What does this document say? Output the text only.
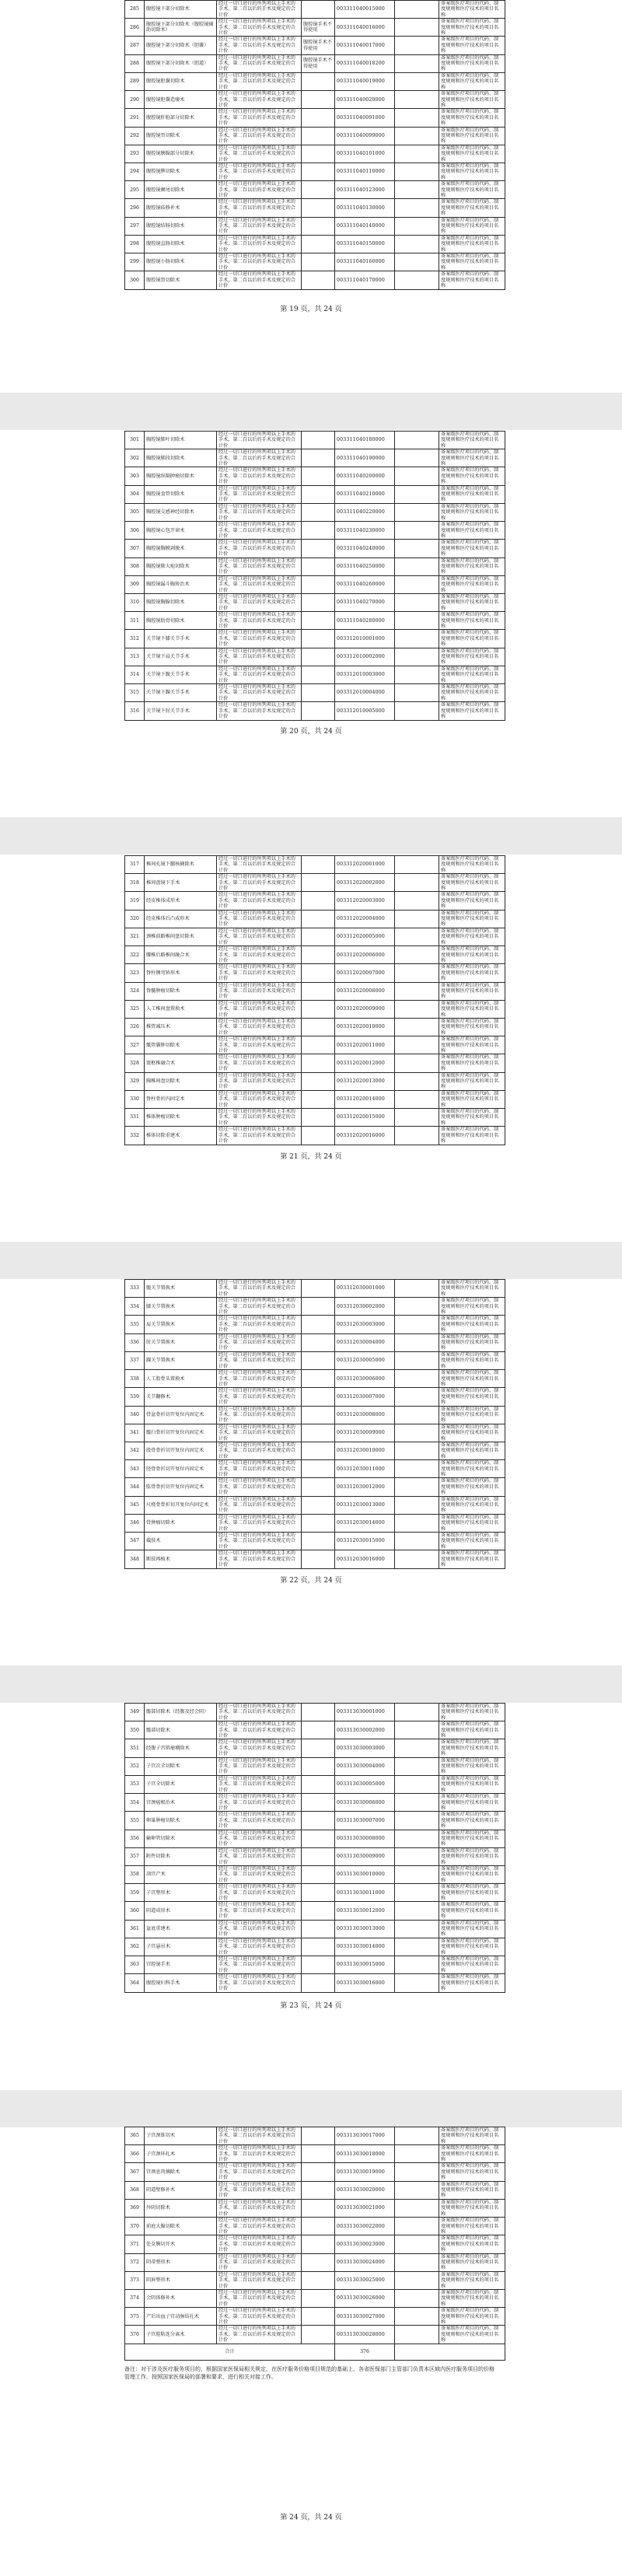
285	腹腔镜下部分切除术	经过一切口进行的所列项以上手术的手术，第二百以后的手术及规定的合计价		003311040015000		备案级医疗项目的代码、制度规则和医疗技术的项目名称
286	腹腔镜下部分切除术（腹腔镜辅助切除术）	经过一切口进行的所列项以上手术的手术，第二百以后的手术及规定的合计价	腹腔镜手术不得使用	003311040016000		备案级医疗项目的代码、制度规则和医疗技术的项目名称
287	腹腔镜下部分切除术（胆囊）	经过一切口进行的所列项以上手术的手术，第二百以后的手术及规定的合计价	腹腔镜手术不得使用	003311040017000		备案级医疗项目的代码、制度规则和医疗技术的项目名称
288	腹腔镜下部分切除术（胆道）	经过一切口进行的所列项以上手术的手术，第二百以后的手术及规定的合计价	腹腔镜手术不得使用	003311040018200		备案级医疗项目的代码、制度规则和医疗技术的项目名称
289	腹腔镜胆囊切除术	经过一切口进行的所列项以上手术的手术，第二百以后的手术及规定的合计价		003311040019000		备案级医疗项目的代码、制度规则和医疗技术的项目名称
290	腹腔镜胆囊造瘘术	经过一切口进行的所列项以上手术的手术，第二百以后的手术及规定的合计价		003311040020000		备案级医疗项目的代码、制度规则和医疗技术的项目名称
291	腹腔镜肝脏部分切除术	经过一切口进行的所列项以上手术的手术，第二百以后的手术及规定的合计价		003311040091000		备案级医疗项目的代码、制度规则和医疗技术的项目名称
292	腹腔镜胃切除术	经过一切口进行的所列项以上手术的手术，第二百以后的手术及规定的合计价		003311040099000		备案级医疗项目的代码、制度规则和医疗技术的项目名称
293	腹腔镜胰腺部分切除术	经过一切口进行的所列项以上手术的手术，第二百以后的手术及规定的合计价		003311040101000		备案级医疗项目的代码、制度规则和医疗技术的项目名称
294	腹腔镜脾切除术	经过一切口进行的所列项以上手术的手术，第二百以后的手术及规定的合计价		003311040110000		备案级医疗项目的代码、制度规则和医疗技术的项目名称
295	腹腔镜阑尾切除术	经过一切口进行的所列项以上手术的手术，第二百以后的手术及规定的合计价		003311040123000		备案级医疗项目的代码、制度规则和医疗技术的项目名称
296	腹腔镜疝修补术	经过一切口进行的所列项以上手术的手术，第二百以后的手术及规定的合计价		003311040130000		备案级医疗项目的代码、制度规则和医疗技术的项目名称
297	腹腔镜结肠切除术	经过一切口进行的所列项以上手术的手术，第二百以后的手术及规定的合计价		003311040140000		备案级医疗项目的代码、制度规则和医疗技术的项目名称
298	腹腔镜直肠切除术	经过一切口进行的所列项以上手术的手术，第二百以后的手术及规定的合计价		003311040150000		备案级医疗项目的代码、制度规则和医疗技术的项目名称
299	腹腔镜小肠切除术	经过一切口进行的所列项以上手术的手术，第二百以后的手术及规定的合计价		003311040160000		备案级医疗项目的代码、制度规则和医疗技术的项目名称
300	腹腔镜肾切除术	经过一切口进行的所列项以上手术的手术，第二百以后的手术及规定的合计价		003311040170000		备案级医疗项目的代码、制度规则和医疗技术的项目名称
第 19 页，共 24 页
301	胸腔镜肺叶切除术	经过一切口进行的所列项以上手术的手术，第二百以后的手术及规定的合计价		003311040180000		备案级医疗项目的代码、制度规则和医疗技术的项目名称
302	胸腔镜肺段切除术	经过一切口进行的所列项以上手术的手术，第二百以后的手术及规定的合计价		003311040190000		备案级医疗项目的代码、制度规则和医疗技术的项目名称
303	胸腔镜纵隔肿瘤切除术	经过一切口进行的所列项以上手术的手术，第二百以后的手术及规定的合计价		003311040200000		备案级医疗项目的代码、制度规则和医疗技术的项目名称
304	胸腔镜食管切除术	经过一切口进行的所列项以上手术的手术，第二百以后的手术及规定的合计价		003311040210000		备案级医疗项目的代码、制度规则和医疗技术的项目名称
305	胸腔镜交感神经切除术	经过一切口进行的所列项以上手术的手术，第二百以后的手术及规定的合计价		003311040220000		备案级医疗项目的代码、制度规则和医疗技术的项目名称
306	胸腔镜心包开窗术	经过一切口进行的所列项以上手术的手术，第二百以后的手术及规定的合计价		003311040230000		备案级医疗项目的代码、制度规则和医疗技术的项目名称
307	胸腔镜胸膜剥脱术	经过一切口进行的所列项以上手术的手术，第二百以后的手术及规定的合计价		003311040240000		备案级医疗项目的代码、制度规则和医疗技术的项目名称
308	胸腔镜肺大疱切除术	经过一切口进行的所列项以上手术的手术，第二百以后的手术及规定的合计价		003311040250000		备案级医疗项目的代码、制度规则和医疗技术的项目名称
309	胸腔镜漏斗胸矫治术	经过一切口进行的所列项以上手术的手术，第二百以后的手术及规定的合计价		003311040260000		备案级医疗项目的代码、制度规则和医疗技术的项目名称
310	胸腔镜胸腺切除术	经过一切口进行的所列项以上手术的手术，第二百以后的手术及规定的合计价		003311040270000		备案级医疗项目的代码、制度规则和医疗技术的项目名称
311	胸腔镜肋骨切除术	经过一切口进行的所列项以上手术的手术，第二百以后的手术及规定的合计价		003311040280000		备案级医疗项目的代码、制度规则和医疗技术的项目名称
312	关节镜下膝关节手术	经过一切口进行的所列项以上手术的手术，第二百以后的手术及规定的合计价		003312010001000		备案级医疗项目的代码、制度规则和医疗技术的项目名称
313	关节镜下肩关节手术	经过一切口进行的所列项以上手术的手术，第二百以后的手术及规定的合计价		003312010002000		备案级医疗项目的代码、制度规则和医疗技术的项目名称
314	关节镜下髋关节手术	经过一切口进行的所列项以上手术的手术，第二百以后的手术及规定的合计价		003312010003000		备案级医疗项目的代码、制度规则和医疗技术的项目名称
315	关节镜下踝关节手术	经过一切口进行的所列项以上手术的手术，第二百以后的手术及规定的合计价		003312010004000		备案级医疗项目的代码、制度规则和医疗技术的项目名称
316	关节镜下肘关节手术	经过一切口进行的所列项以上手术的手术，第二百以后的手术及规定的合计价		003312010005000		备案级医疗项目的代码、制度规则和医疗技术的项目名称
第 20 页，共 24 页
317	椎间孔镜下髓核摘除术	经过一切口进行的所列项以上手术的手术，第二百以后的手术及规定的合计价		003312020001000		备案级医疗项目的代码、制度规则和医疗技术的项目名称
318	椎间盘镜下手术	经过一切口进行的所列项以上手术的手术，第二百以后的手术及规定的合计价		003312020002000		备案级医疗项目的代码、制度规则和医疗技术的项目名称
319	经皮椎体成形术	经过一切口进行的所列项以上手术的手术，第二百以后的手术及规定的合计价		003312020003000		备案级医疗项目的代码、制度规则和医疗技术的项目名称
320	经皮椎体后凸成形术	经过一切口进行的所列项以上手术的手术，第二百以后的手术及规定的合计价		003312020004000		备案级医疗项目的代码、制度规则和医疗技术的项目名称
321	颈椎前路椎间盘切除术	经过一切口进行的所列项以上手术的手术，第二百以后的手术及规定的合计价		003312020005000		备案级医疗项目的代码、制度规则和医疗技术的项目名称
322	腰椎后路椎间融合术	经过一切口进行的所列项以上手术的手术，第二百以后的手术及规定的合计价		003312020006000		备案级医疗项目的代码、制度规则和医疗技术的项目名称
323	脊柱侧弯矫形术	经过一切口进行的所列项以上手术的手术，第二百以后的手术及规定的合计价		003312020007000		备案级医疗项目的代码、制度规则和医疗技术的项目名称
324	脊髓肿瘤切除术	经过一切口进行的所列项以上手术的手术，第二百以后的手术及规定的合计价		003312020008000		备案级医疗项目的代码、制度规则和医疗技术的项目名称
325	人工椎间盘置换术	经过一切口进行的所列项以上手术的手术，第二百以后的手术及规定的合计价		003312020009000		备案级医疗项目的代码、制度规则和医疗技术的项目名称
326	椎管减压术	经过一切口进行的所列项以上手术的手术，第二百以后的手术及规定的合计价		003312020010000		备案级医疗项目的代码、制度规则和医疗技术的项目名称
327	骶管囊肿切除术	经过一切口进行的所列项以上手术的手术，第二百以后的手术及规定的合计价		003312020011000		备案级医疗项目的代码、制度规则和医疗技术的项目名称
328	寰枢椎融合术	经过一切口进行的所列项以上手术的手术，第二百以后的手术及规定的合计价		003312020012000		备案级医疗项目的代码、制度规则和医疗技术的项目名称
329	胸椎间盘切除术	经过一切口进行的所列项以上手术的手术，第二百以后的手术及规定的合计价		003312020013000		备案级医疗项目的代码、制度规则和医疗技术的项目名称
330	脊柱骨折内固定术	经过一切口进行的所列项以上手术的手术，第二百以后的手术及规定的合计价		003312020014000		备案级医疗项目的代码、制度规则和医疗技术的项目名称
331	椎体肿瘤切除术	经过一切口进行的所列项以上手术的手术，第二百以后的手术及规定的合计价		003312020015000		备案级医疗项目的代码、制度规则和医疗技术的项目名称
332	椎体切除重建术	经过一切口进行的所列项以上手术的手术，第二百以后的手术及规定的合计价		003312020016000		备案级医疗项目的代码、制度规则和医疗技术的项目名称
第 21 页，共 24 页
333	髋关节置换术	经过一切口进行的所列项以上手术的手术，第二百以后的手术及规定的合计价		003312030001000		备案级医疗项目的代码、制度规则和医疗技术的项目名称
334	膝关节置换术	经过一切口进行的所列项以上手术的手术，第二百以后的手术及规定的合计价		003312030002000		备案级医疗项目的代码、制度规则和医疗技术的项目名称
335	肩关节置换术	经过一切口进行的所列项以上手术的手术，第二百以后的手术及规定的合计价		003312030003000		备案级医疗项目的代码、制度规则和医疗技术的项目名称
336	肘关节置换术	经过一切口进行的所列项以上手术的手术，第二百以后的手术及规定的合计价		003312030004000		备案级医疗项目的代码、制度规则和医疗技术的项目名称
337	踝关节置换术	经过一切口进行的所列项以上手术的手术，第二百以后的手术及规定的合计价		003312030005000		备案级医疗项目的代码、制度规则和医疗技术的项目名称
338	人工股骨头置换术	经过一切口进行的所列项以上手术的手术，第二百以后的手术及规定的合计价		003312030006000		备案级医疗项目的代码、制度规则和医疗技术的项目名称
339	关节翻修术	经过一切口进行的所列项以上手术的手术，第二百以后的手术及规定的合计价		003312030007000		备案级医疗项目的代码、制度规则和医疗技术的项目名称
340	骨盆骨折切开复位内固定术	经过一切口进行的所列项以上手术的手术，第二百以后的手术及规定的合计价		003312030008000		备案级医疗项目的代码、制度规则和医疗技术的项目名称
341	髋臼骨折切开复位内固定术	经过一切口进行的所列项以上手术的手术，第二百以后的手术及规定的合计价		003312030009000		备案级医疗项目的代码、制度规则和医疗技术的项目名称
342	股骨骨折切开复位内固定术	经过一切口进行的所列项以上手术的手术，第二百以后的手术及规定的合计价		003312030010000		备案级医疗项目的代码、制度规则和医疗技术的项目名称
343	胫骨骨折切开复位内固定术	经过一切口进行的所列项以上手术的手术，第二百以后的手术及规定的合计价		003312030011000		备案级医疗项目的代码、制度规则和医疗技术的项目名称
344	肱骨骨折切开复位内固定术	经过一切口进行的所列项以上手术的手术，第二百以后的手术及规定的合计价		003312030012000		备案级医疗项目的代码、制度规则和医疗技术的项目名称
345	尺桡骨骨折切开复位内固定术	经过一切口进行的所列项以上手术的手术，第二百以后的手术及规定的合计价		003312030013000		备案级医疗项目的代码、制度规则和医疗技术的项目名称
346	骨肿瘤切除术	经过一切口进行的所列项以上手术的手术，第二百以后的手术及规定的合计价		003312030014000		备案级医疗项目的代码、制度规则和医疗技术的项目名称
347	截肢术	经过一切口进行的所列项以上手术的手术，第二百以后的手术及规定的合计价		003312030015000		备案级医疗项目的代码、制度规则和医疗技术的项目名称
348	断肢再植术	经过一切口进行的所列项以上手术的手术，第二百以后的手术及规定的合计价		003312030016000		备案级医疗项目的代码、制度规则和医疗技术的项目名称
第 22 页，共 24 页
349	髋部切除术（经腹及经会阴）	经过一切口进行的所列项以上手术的手术，第二百以后的手术及规定的合计价		003313030001000		备案级医疗项目的代码、制度规则和医疗技术的项目名称
350	髋部切除术	经过一切口进行的所列项以上手术的手术，第二百以后的手术及规定的合计价		003313030002000		备案级医疗项目的代码、制度规则和医疗技术的项目名称
351	经腹子宫肌瘤剔除术	经过一切口进行的所列项以上手术的手术，第二百以后的手术及规定的合计价		003313030003000		备案级医疗项目的代码、制度规则和医疗技术的项目名称
352	子宫次全切除术	经过一切口进行的所列项以上手术的手术，第二百以后的手术及规定的合计价		003313030004000		备案级医疗项目的代码、制度规则和医疗技术的项目名称
353	子宫全切除术	经过一切口进行的所列项以上手术的手术，第二百以后的手术及规定的合计价		003313030005000		备案级医疗项目的代码、制度规则和医疗技术的项目名称
354	宫颈癌根治术	经过一切口进行的所列项以上手术的手术，第二百以后的手术及规定的合计价		003313030006000		备案级医疗项目的代码、制度规则和医疗技术的项目名称
355	卵巢肿瘤切除术	经过一切口进行的所列项以上手术的手术，第二百以后的手术及规定的合计价		003313030007000		备案级医疗项目的代码、制度规则和医疗技术的项目名称
356	输卵管切除术	经过一切口进行的所列项以上手术的手术，第二百以后的手术及规定的合计价		003313030008000		备案级医疗项目的代码、制度规则和医疗技术的项目名称
357	附件切除术	经过一切口进行的所列项以上手术的手术，第二百以后的手术及规定的合计价		003313030009000		备案级医疗项目的代码、制度规则和医疗技术的项目名称
358	剖宫产术	经过一切口进行的所列项以上手术的手术，第二百以后的手术及规定的合计价		003313030010000		备案级医疗项目的代码、制度规则和医疗技术的项目名称
359	子宫整形术	经过一切口进行的所列项以上手术的手术，第二百以后的手术及规定的合计价		003313030011000		备案级医疗项目的代码、制度规则和医疗技术的项目名称
360	阴道成形术	经过一切口进行的所列项以上手术的手术，第二百以后的手术及规定的合计价		003313030012000		备案级医疗项目的代码、制度规则和医疗技术的项目名称
361	盆底重建术	经过一切口进行的所列项以上手术的手术，第二百以后的手术及规定的合计价		003313030013000		备案级医疗项目的代码、制度规则和医疗技术的项目名称
362	子宫悬吊术	经过一切口进行的所列项以上手术的手术，第二百以后的手术及规定的合计价		003313030014000		备案级医疗项目的代码、制度规则和医疗技术的项目名称
363	宫腔镜手术	经过一切口进行的所列项以上手术的手术，第二百以后的手术及规定的合计价		003313030015000		备案级医疗项目的代码、制度规则和医疗技术的项目名称
364	腹腔镜妇科手术	经过一切口进行的所列项以上手术的手术，第二百以后的手术及规定的合计价		003313030016000		备案级医疗项目的代码、制度规则和医疗技术的项目名称
第 23 页，共 24 页
365	子宫颈锥切术	经过一切口进行的所列项以上手术的手术，第二百以后的手术及规定的合计价		003313030017000		备案级医疗项目的代码、制度规则和医疗技术的项目名称
366	子宫颈环扎术	经过一切口进行的所列项以上手术的手术，第二百以后的手术及规定的合计价		003313030018000		备案级医疗项目的代码、制度规则和医疗技术的项目名称
367	宫颈息肉摘除术	经过一切口进行的所列项以上手术的手术，第二百以后的手术及规定的合计价		003313030019000		备案级医疗项目的代码、制度规则和医疗技术的项目名称
368	阴道壁修补术	经过一切口进行的所列项以上手术的手术，第二百以后的手术及规定的合计价		003313030020000		备案级医疗项目的代码、制度规则和医疗技术的项目名称
369	外阴切除术	经过一切口进行的所列项以上手术的手术，第二百以后的手术及规定的合计价		003313030021000		备案级医疗项目的代码、制度规则和医疗技术的项目名称
370	前庭大腺切除术	经过一切口进行的所列项以上手术的手术，第二百以后的手术及规定的合计价		003313030022000		备案级医疗项目的代码、制度规则和医疗技术的项目名称
371	处女膜切开术	经过一切口进行的所列项以上手术的手术，第二百以后的手术及规定的合计价		003313030023000		备案级医疗项目的代码、制度规则和医疗技术的项目名称
372	阴蒂整形术	经过一切口进行的所列项以上手术的手术，第二百以后的手术及规定的合计价		003313030024000		备案级医疗项目的代码、制度规则和医疗技术的项目名称
373	阴唇整形术	经过一切口进行的所列项以上手术的手术，第二百以后的手术及规定的合计价		003313030025000		备案级医疗项目的代码、制度规则和医疗技术的项目名称
374	会阴体修补术	经过一切口进行的所列项以上手术的手术，第二百以后的手术及规定的合计价		003313030026000		备案级医疗项目的代码、制度规则和医疗技术的项目名称
375	产后出血子宫动脉结扎术	经过一切口进行的所列项以上手术的手术，第二百以后的手术及规定的合计价		003313030027000		备案级医疗项目的代码、制度规则和医疗技术的项目名称
376	子宫腔粘连分离术	经过一切口进行的所列项以上手术的手术，第二百以后的手术及规定的合计价		003313030028000		备案级医疗项目的代码、制度规则和医疗技术的项目名称
合计				376		
备注：对于涉及医疗服务项目的，根据国家医保局相关规定，在医疗服务价格项目规范的基础上，各省医保部门主管部门负责本区域内医疗服务项目的价格管理工作，按照国家医保局的部署和要求，进行相关对接工作。
第 24 页，共 24 页
